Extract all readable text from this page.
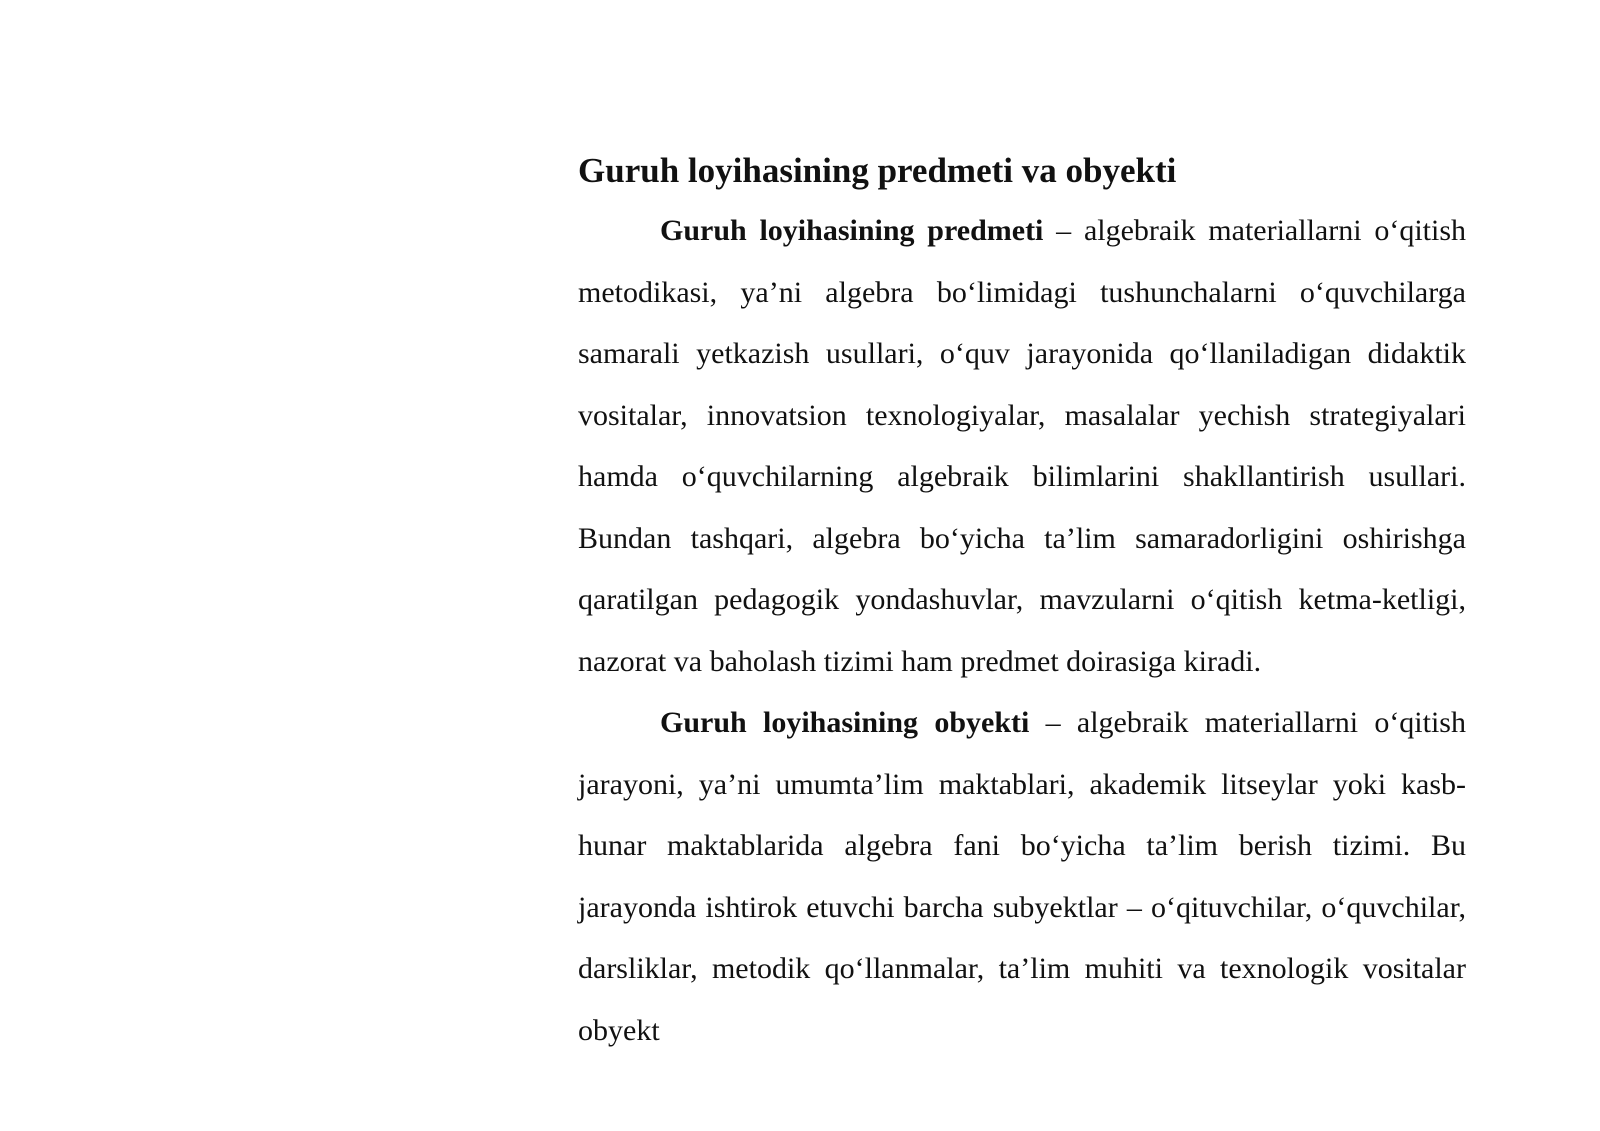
Guruh loyihasining predmeti va obyekti

Guruh loyihasining predmeti – algebraik materiallarni o‘qitish metodikasi, ya’ni algebra bo‘limidagi tushunchalarni o‘quvchilarga samarali yetkazish usullari, o‘quv jarayonida qo‘llaniladigan didaktik vositalar, innovatsion texnologiyalar, masalalar yechish strategiyalari hamda o‘quvchilarning algebraik bilimlarini shakllantirish usullari. Bundan tashqari, algebra bo‘yicha ta’lim samaradorligini oshirishga qaratilgan pedagogik yondashuvlar, mavzularni o‘qitish ketma-ketligi, nazorat va baholash tizimi ham predmet doirasiga kiradi.

Guruh loyihasining obyekti – algebraik materiallarni o‘qitish jarayoni, ya’ni umumta’lim maktablari, akademik litseylar yoki kasb-hunar maktablarida algebra fani bo‘yicha ta’lim berish tizimi. Bu jarayonda ishtirok etuvchi barcha subyektlar – o‘qituvchilar, o‘quvchilar, darsliklar, metodik qo‘llanmalar, ta’lim muhiti va texnologik vositalar obyekt
